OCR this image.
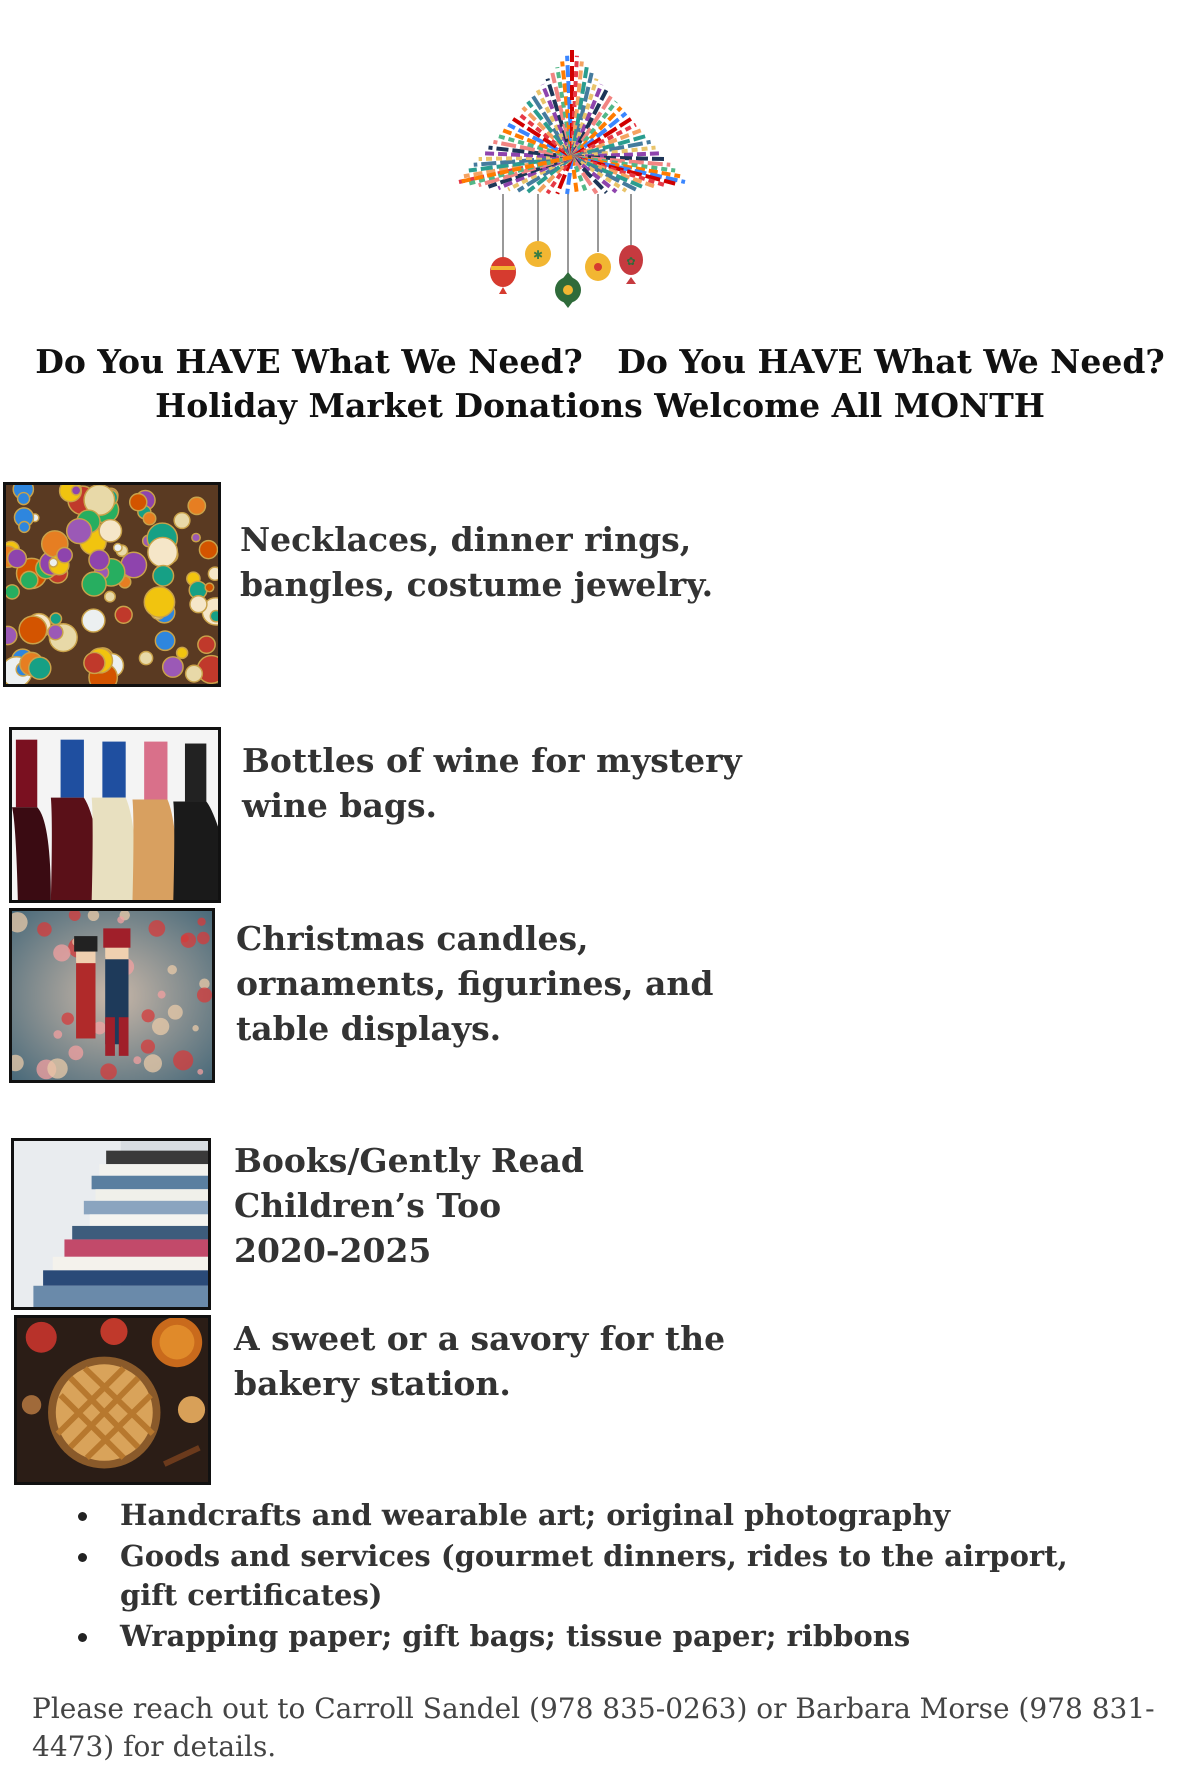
✱	✿
Do You HAVE What We Need?   Do You HAVE What We Need?
Holiday Market Donations Welcome All MONTH
Necklaces, dinner rings, bangles, costume jewelry.
Bottles of wine for mystery wine bags.
Christmas candles, ornaments, figurines, and table displays.
Books/Gently Read Children’s Too 2020-2025
A sweet or a savory for the bakery station.
Handcrafts and wearable art; original photography
Goods and services (gourmet dinners, rides to the airport, gift certificates)
Wrapping paper; gift bags; tissue paper; ribbons
Please reach out to Carroll Sandel (978 835-0263) or Barbara Morse (978 831-4473) for details.
